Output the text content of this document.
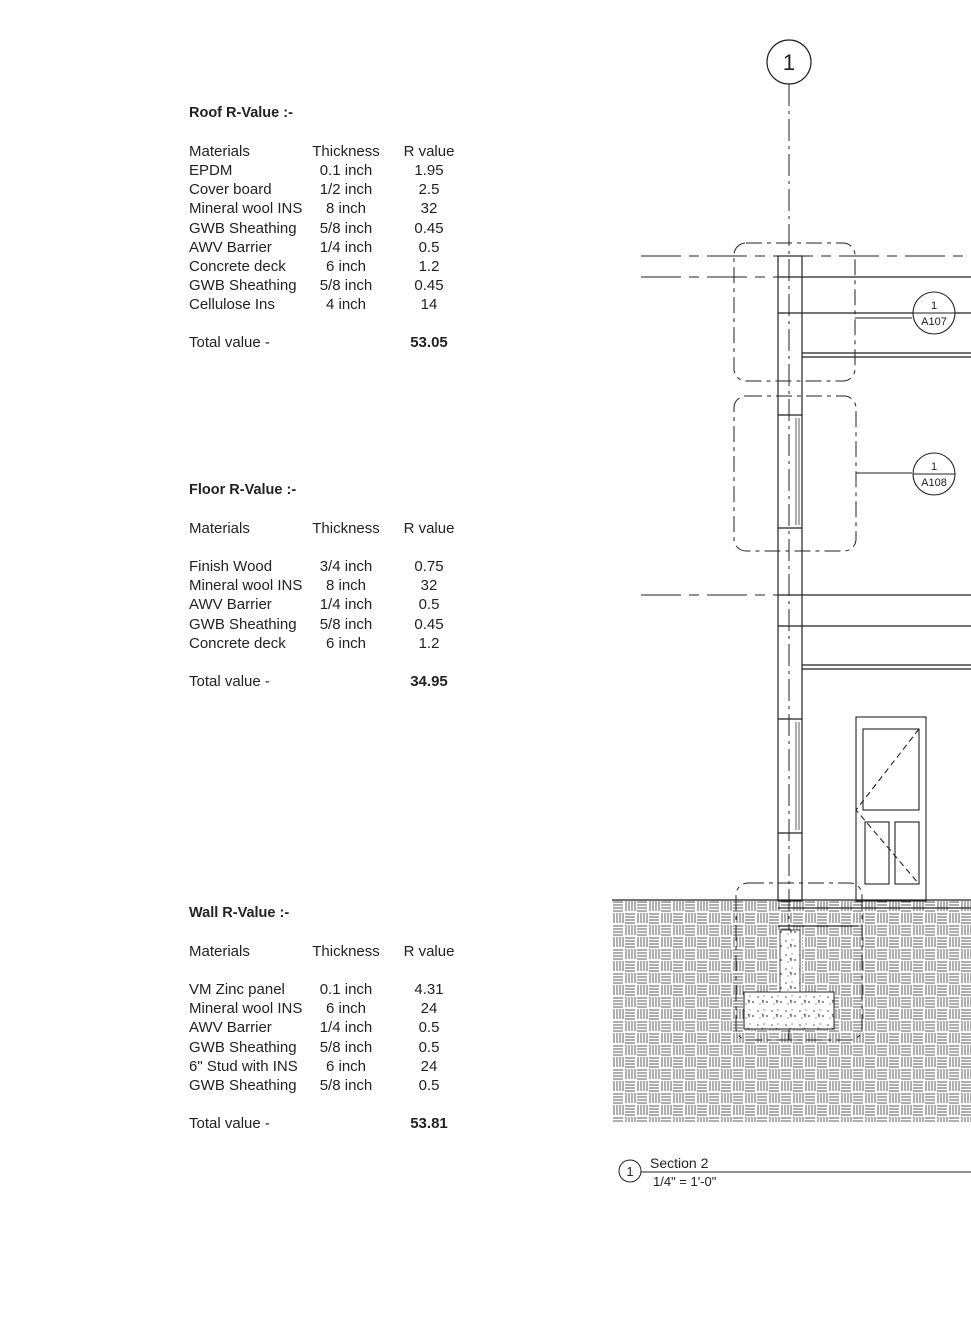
Roof R-Value :-
Materials	Thickness	R value
EPDM	0.1 inch	1.95
Cover board	1/2 inch	2.5
Mineral wool INS	8 inch	32
GWB Sheathing	5/8 inch	0.45
AWV Barrier	1/4 inch	0.5
Concrete deck	6 inch	1.2
GWB Sheathing	5/8 inch	0.45
Cellulose Ins	4 inch	14
Total value -	53.05
Floor R-Value :-
Materials	Thickness	R value
Finish Wood	3/4 inch	0.75
Mineral wool INS	8 inch	32
AWV Barrier	1/4 inch	0.5
GWB Sheathing	5/8 inch	0.45
Concrete deck	6 inch	1.2
Total value -	34.95
Wall R-Value :-
Materials	Thickness	R value
VM Zinc panel	0.1 inch	4.31
Mineral wool INS	6 inch	24
AWV Barrier	1/4 inch	0.5
GWB Sheathing	5/8 inch	0.5
6" Stud with INS	6 inch	24
GWB Sheathing	5/8 inch	0.5
Total value -	53.81
1
1
A107
1
A108
1
Section 2
1/4" = 1'-0"
